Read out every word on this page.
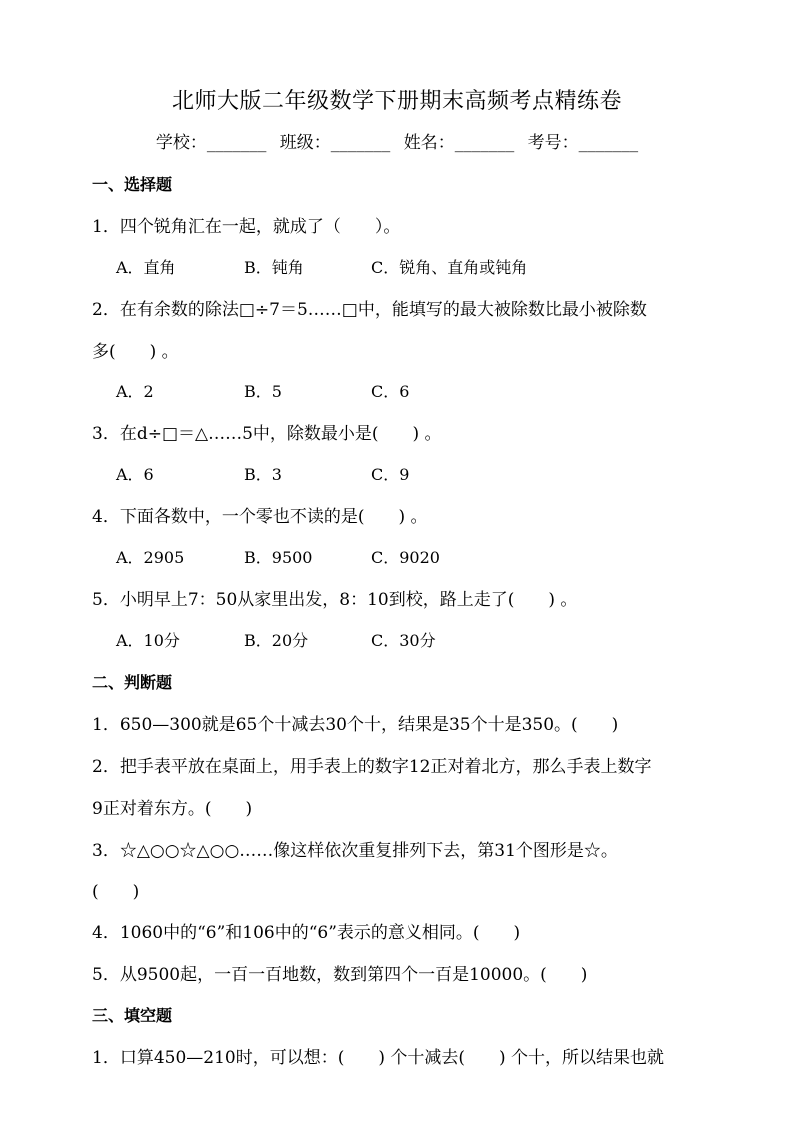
北师大版二年级数学下册期末高频考点精练卷
学校：_______ 班级：_______ 姓名：_______ 考号：_______
一、选择题
1．四个锐角汇在一起，就成了（　　）。
A．直角	B．钝角	C．锐角、直角或钝角
2．在有余数的除法□÷7＝5……□中，能填写的最大被除数比最小被除数
多(　　) 。
A．2	B．5	C．6
3．在d÷□＝△……5中，除数最小是(　　) 。
A．6	B．3	C．9
4．下面各数中，一个零也不读的是(　　) 。
A．2905	B．9500	C．9020
5．小明早上7：50从家里出发，8：10到校，路上走了(　　) 。
A．10分	B．20分	C．30分
二、判断题
1．650—300就是65个十减去30个十，结果是35个十是350。(　　)
2．把手表平放在桌面上，用手表上的数字12正对着北方，那么手表上数字
9正对着东方。(　　)
3．☆△○○☆△○○……像这样依次重复排列下去，第31个图形是☆。
(　　)
4．1060中的“6”和106中的“6”表示的意义相同。(　　)
5．从9500起，一百一百地数，数到第四个一百是10000。(　　)
三、填空题
1．口算450—210时，可以想：(　　) 个十减去(　　) 个十，所以结果也就
